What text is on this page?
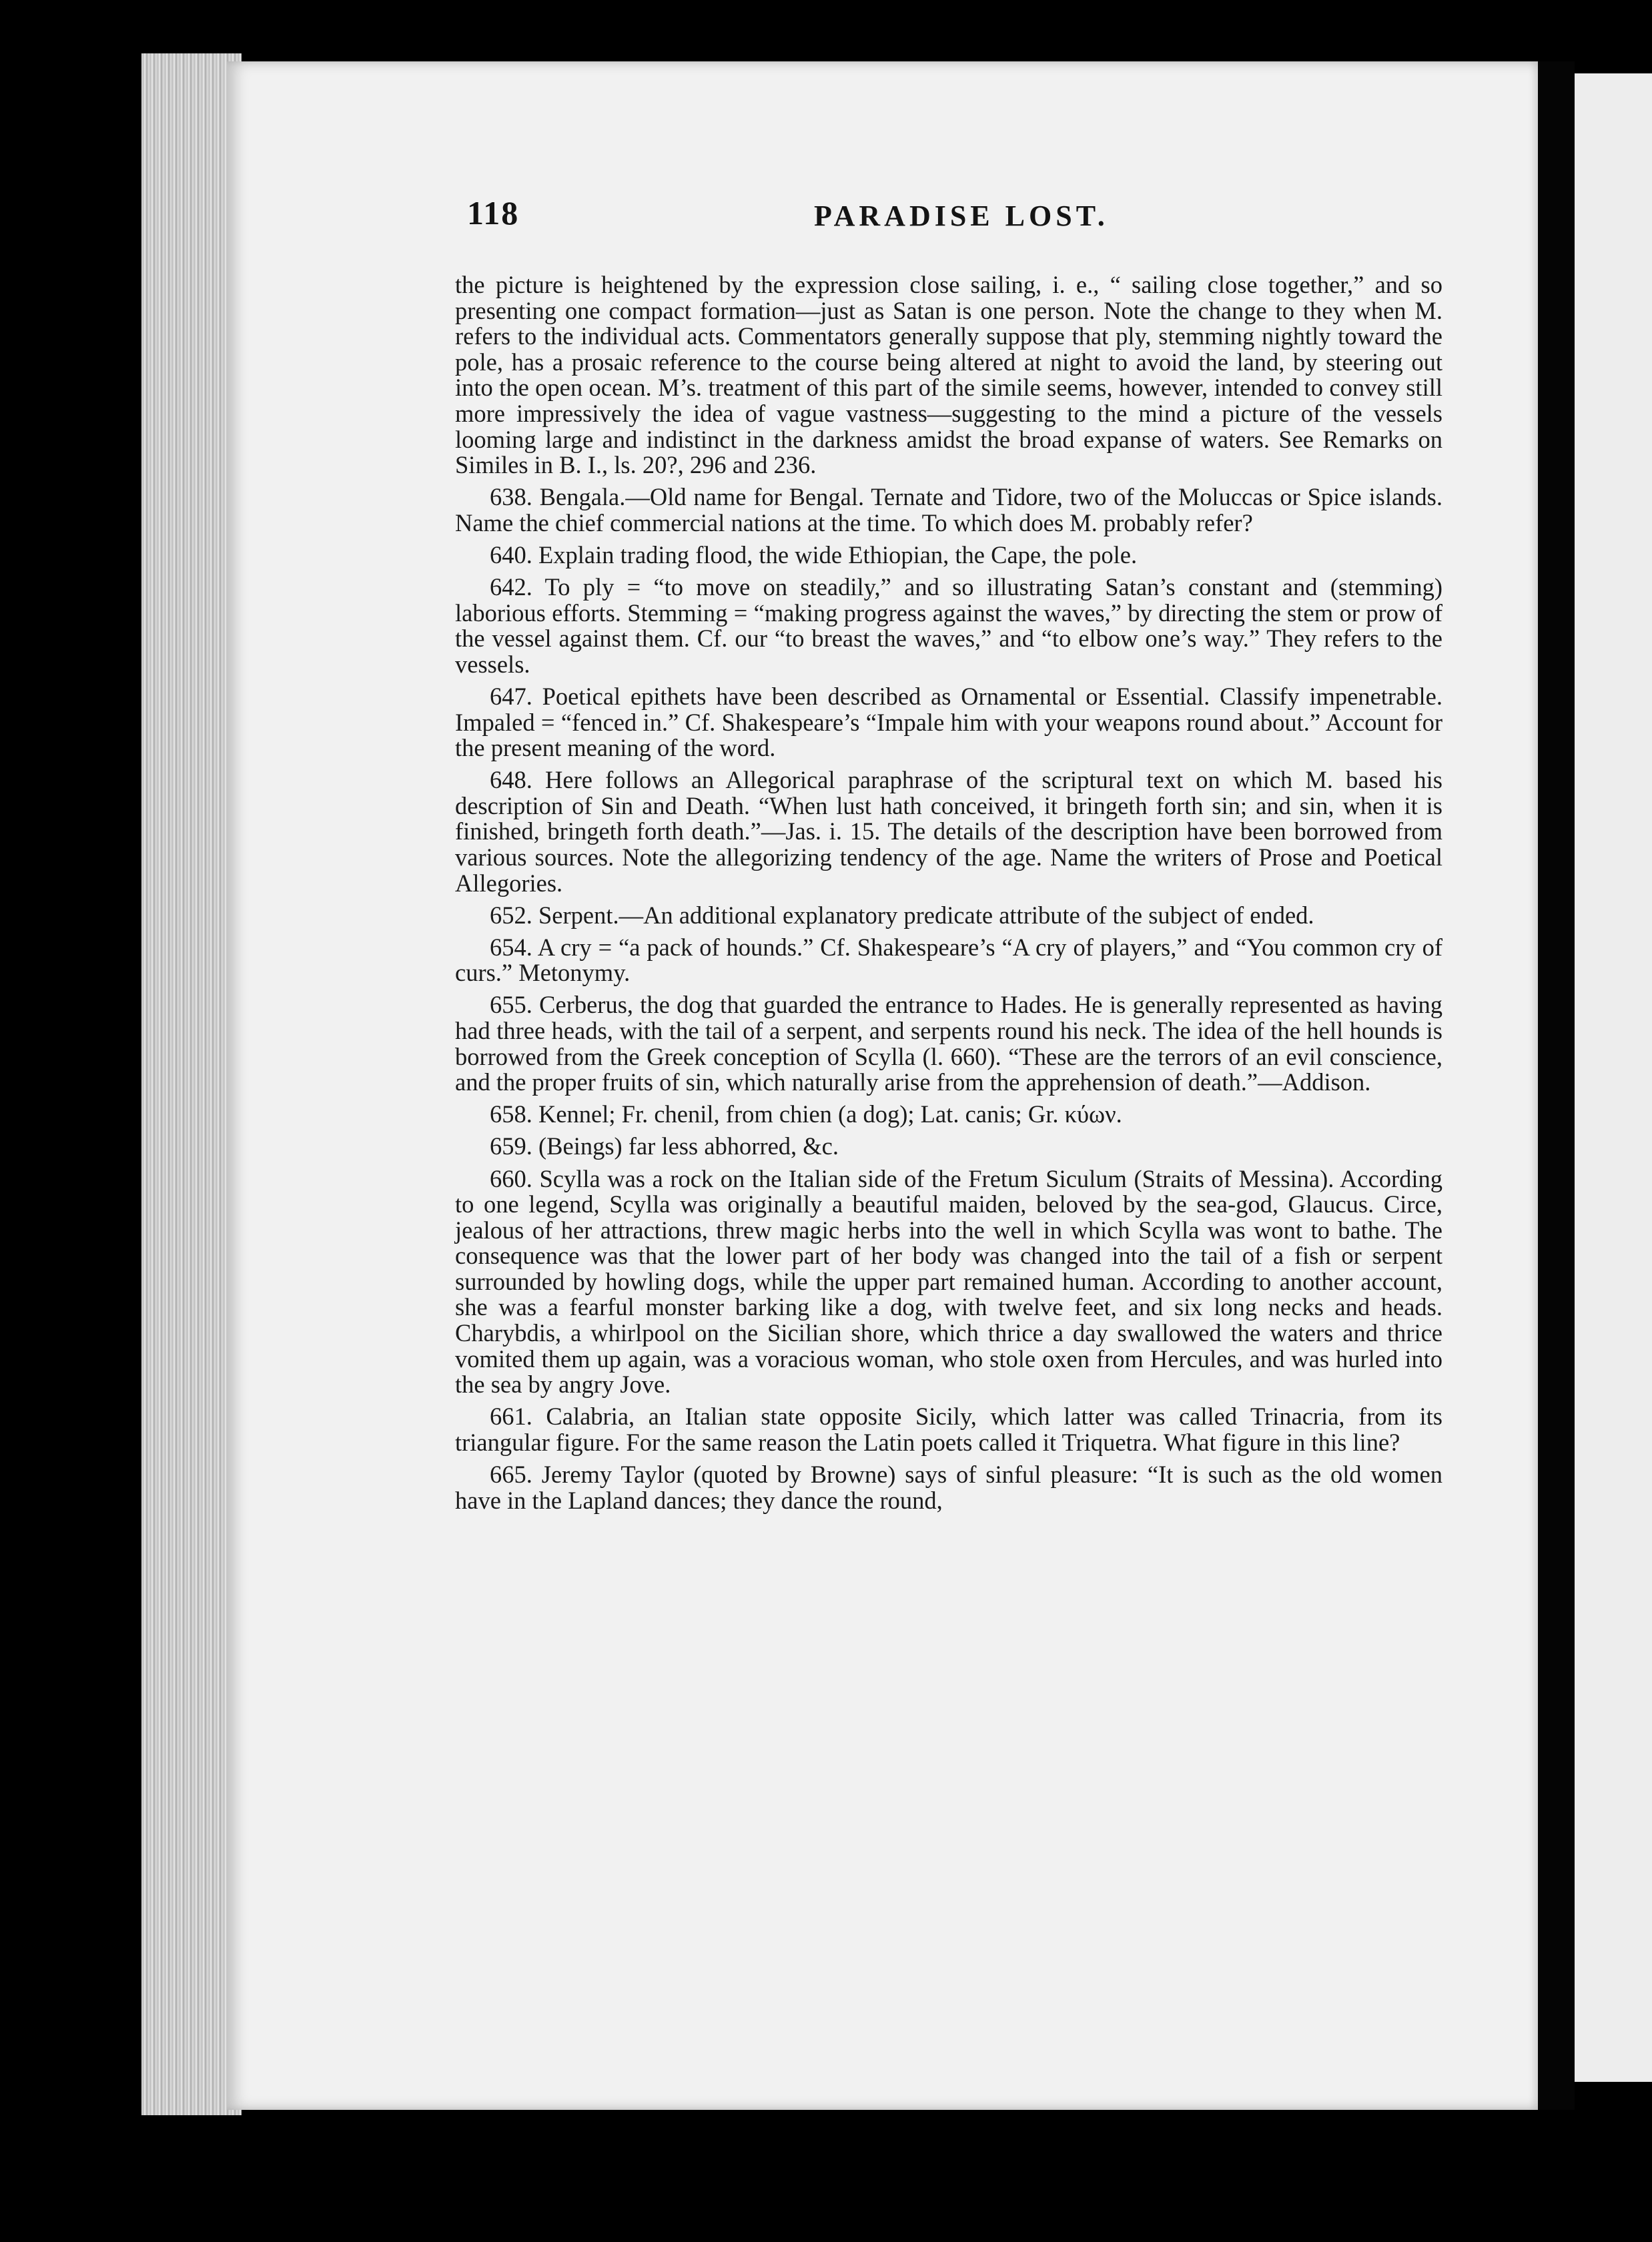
118	PARADISE LOST.

the picture is heightened by the expression close sailing, i. e., “ sailing close together,” and so presenting one compact formation—just as Satan is one person. Note the change to they when M. refers to the individual acts. Commentators generally suppose that ply, stemming nightly toward the pole, has a prosaic reference to the course being altered at night to avoid the land, by steering out into the open ocean. M’s. treatment of this part of the simile seems, however, intended to convey still more impressively the idea of vague vastness—suggesting to the mind a picture of the vessels looming large and indistinct in the darkness amidst the broad expanse of waters. See Remarks on Similes in B. I., ls. 20?, 296 and 236.

638. Bengala.—Old name for Bengal. Ternate and Tidore, two of the Moluccas or Spice islands. Name the chief commercial nations at the time. To which does M. probably refer?

640. Explain trading flood, the wide Ethiopian, the Cape, the pole.

642. To ply = “to move on steadily,” and so illustrating Satan’s constant and (stemming) laborious efforts. Stemming = “making progress against the waves,” by directing the stem or prow of the vessel against them. Cf. our “to breast the waves,” and “to elbow one’s way.” They refers to the vessels.

647. Poetical epithets have been described as Ornamental or Essential. Classify impenetrable. Impaled = “fenced in.” Cf. Shakespeare’s “Impale him with your weapons round about.” Account for the present meaning of the word.

648. Here follows an Allegorical paraphrase of the scriptural text on which M. based his description of Sin and Death. “When lust hath conceived, it bringeth forth sin; and sin, when it is finished, bringeth forth death.”—Jas. i. 15. The details of the description have been borrowed from various sources. Note the allegorizing tendency of the age. Name the writers of Prose and Poetical Allegories.

652. Serpent.—An additional explanatory predicate attribute of the subject of ended.

654. A cry = “a pack of hounds.” Cf. Shakespeare’s “A cry of players,” and “You common cry of curs.” Metonymy.

655. Cerberus, the dog that guarded the entrance to Hades. He is generally represented as having had three heads, with the tail of a serpent, and serpents round his neck. The idea of the hell hounds is borrowed from the Greek conception of Scylla (l. 660). “These are the terrors of an evil conscience, and the proper fruits of sin, which naturally arise from the apprehension of death.”—Addison.

658. Kennel; Fr. chenil, from chien (a dog); Lat. canis; Gr. κύων.

659. (Beings) far less abhorred, &c.

660. Scylla was a rock on the Italian side of the Fretum Siculum (Straits of Messina). According to one legend, Scylla was originally a beautiful maiden, beloved by the sea-god, Glaucus. Circe, jealous of her attractions, threw magic herbs into the well in which Scylla was wont to bathe. The consequence was that the lower part of her body was changed into the tail of a fish or serpent surrounded by howling dogs, while the upper part remained human. According to another account, she was a fearful monster barking like a dog, with twelve feet, and six long necks and heads. Charybdis, a whirlpool on the Sicilian shore, which thrice a day swallowed the waters and thrice vomited them up again, was a voracious woman, who stole oxen from Hercules, and was hurled into the sea by angry Jove.

661. Calabria, an Italian state opposite Sicily, which latter was called Trinacria, from its triangular figure. For the same reason the Latin poets called it Triquetra. What figure in this line?

665. Jeremy Taylor (quoted by Browne) says of sinful pleasure: “It is such as the old women have in the Lapland dances; they dance the round,
